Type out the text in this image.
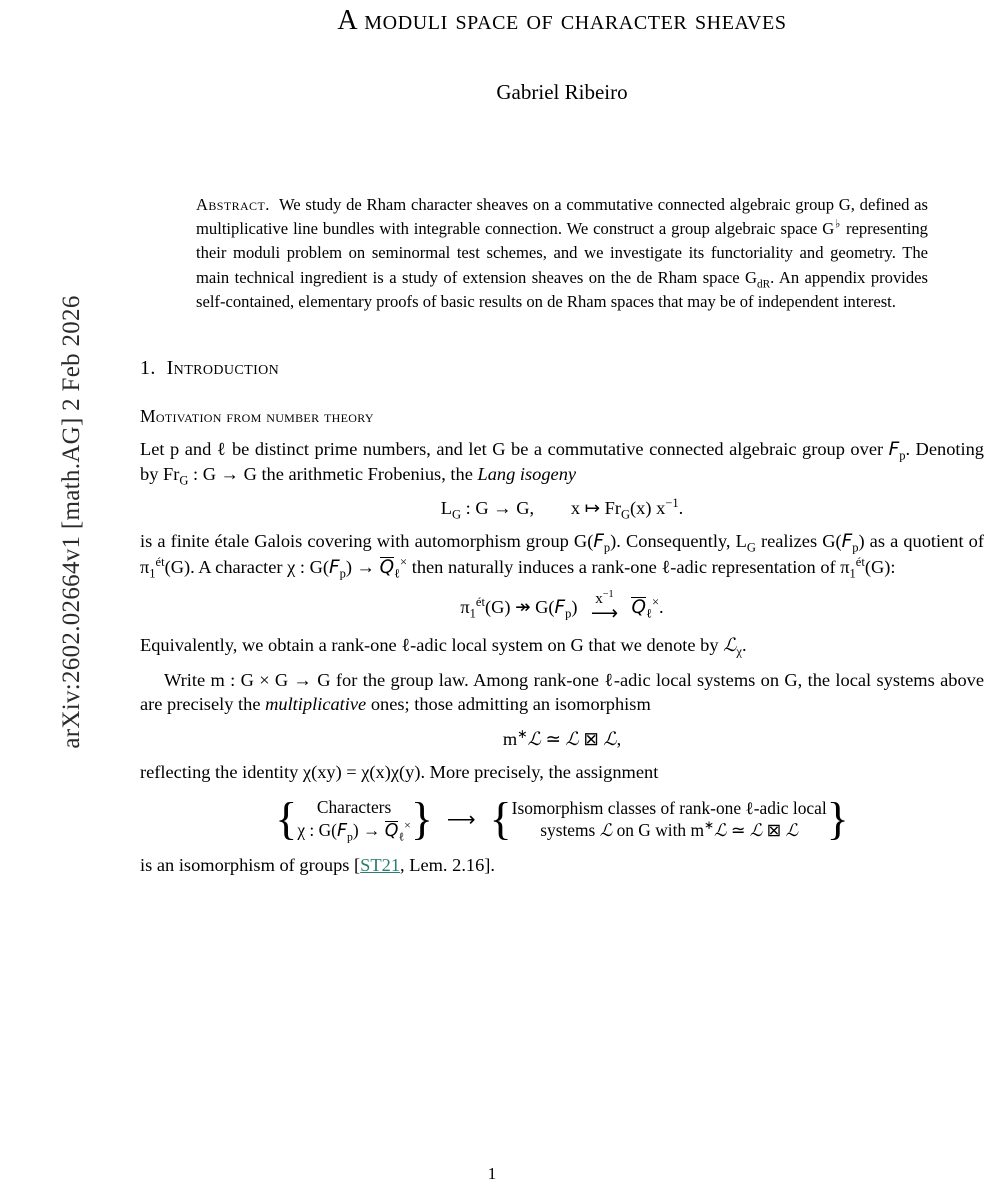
arXiv:2602.02664v1 [math.AG] 2 Feb 2026
A moduli space of character sheaves
Gabriel Ribeiro
Abstract.  We study de Rham character sheaves on a commutative connected algebraic group G, defined as multiplicative line bundles with integrable connection. We construct a group algebraic space G♭ representing their moduli problem on seminormal test schemes, and we investigate its functoriality and geometry. The main technical ingredient is a study of extension sheaves on the de Rham space $G_{dR}$. An appendix provides self-contained, elementary proofs of basic results on de Rham spaces that may be of independent interest.
1. Introduction
Motivation from number theory

Let p and ℓ be distinct prime numbers, and let G be a commutative connected algebraic group over $F_p$. Denoting by $Fr_G$ : G → G the arithmetic Frobenius, the Lang isogeny

$L_G$ : G → G,        x ↦ $Fr_G(x)$ $x^{-1}$.

is a finite étale Galois covering with automorphism group $G(F_p)$. Consequently, $L_G$ realizes $G(F_p)$ as a quotient of $\pi_1^{ét}(G)$. A character χ : $G(F_p) \to Q_\ell^\times$ then naturally induces a rank-one ℓ-adic representation of $\pi_1^{ét}(G)$:

$\pi_1^{ét}(G)$ ↠ $G(F_p)$	$x^{-1}$
⟶ $Q_\ell^\times$.

Equivalently, we obtain a rank-one ℓ-adic local system on G that we denote by ℒ$_\chi$.

Write m : G × G → G for the group law. Among rank-one ℓ-adic local systems on G, the local systems above are precisely the multiplicative ones; those admitting an isomorphism

m∗ℒ ≃ ℒ ⊠ ℒ,

reflecting the identity χ(xy) = χ(x)χ(y). More precisely, the assignment

{	Characters
χ : $G(F_p) \to Q_\ell^\times$ } ⟶ { Isomorphism classes of rank-one ℓ-adic local
systems ℒ on G with m∗ℒ ≃ ℒ ⊠ ℒ }

is an isomorphism of groups [ST21, Lem. 2.16].

1
